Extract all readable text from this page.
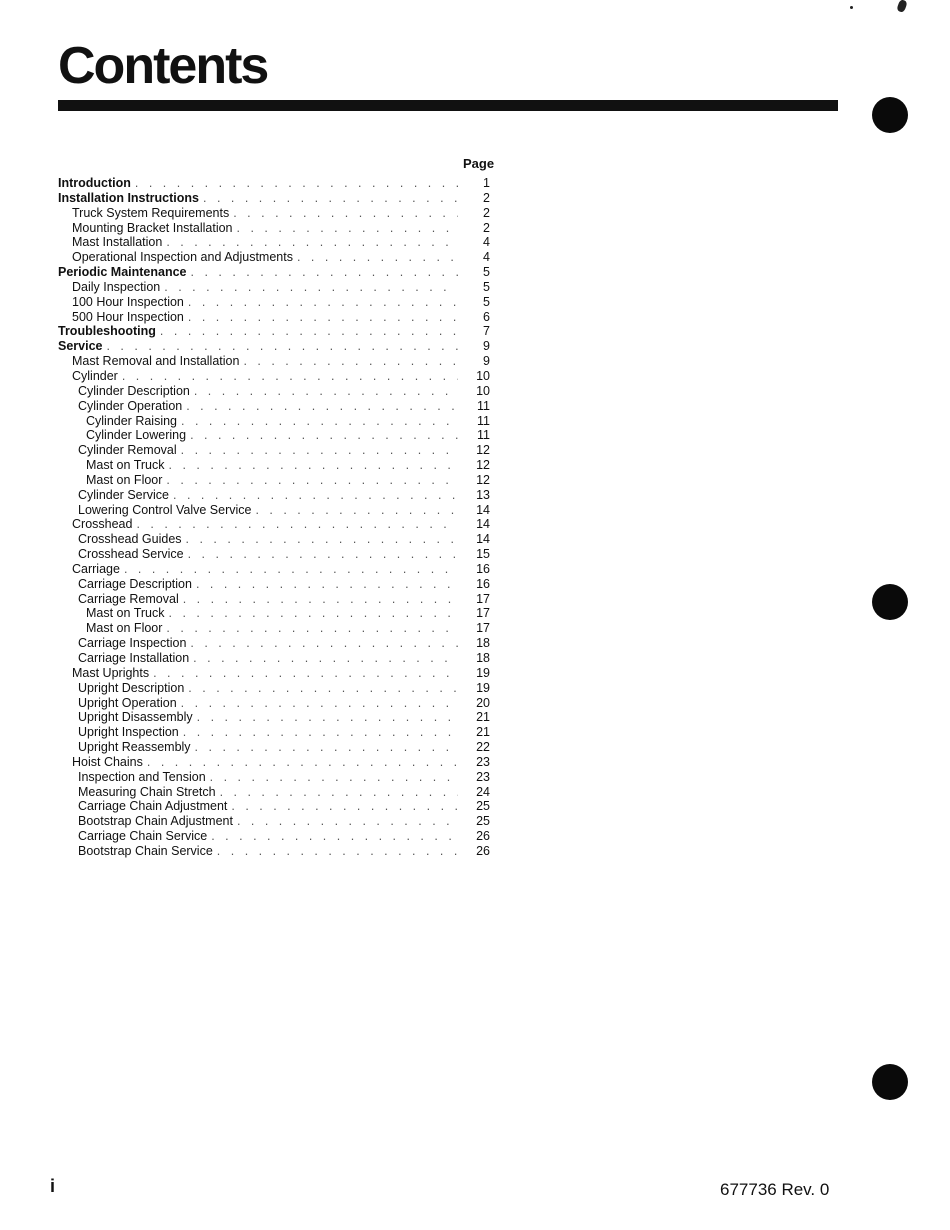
Contents
Page
Introduction . . .	1
Installation Instructions . . .	2
Truck System Requirements . . .	2
Mounting Bracket Installation . . .	2
Mast Installation . . .	4
Operational Inspection and Adjustments . . .	4
Periodic Maintenance . . .	5
Daily Inspection . . .	5
100 Hour Inspection . . .	5
500 Hour Inspection . . .	6
Troubleshooting . . .	7
Service . . .	9
Mast Removal and Installation . . .	9
Cylinder . . .	10
Cylinder Description . . .	10
Cylinder Operation . . .	11
Cylinder Raising . . .	11
Cylinder Lowering . . .	11
Cylinder Removal . . .	12
Mast on Truck . . .	12
Mast on Floor . . .	12
Cylinder Service . . .	13
Lowering Control Valve Service . . .	14
Crosshead . . .	14
Crosshead Guides . . .	14
Crosshead Service . . .	15
Carriage . . .	16
Carriage Description . . .	16
Carriage Removal . . .	17
Mast on Truck . . .	17
Mast on Floor . . .	17
Carriage Inspection . . .	18
Carriage Installation . . .	18
Mast Uprights . . .	19
Upright Description . . .	19
Upright Operation . . .	20
Upright Disassembly . . .	21
Upright Inspection . . .	21
Upright Reassembly . . .	22
Hoist Chains . . .	23
Inspection and Tension . . .	23
Measuring Chain Stretch . . .	24
Carriage Chain Adjustment . . .	25
Bootstrap Chain Adjustment . . .	25
Carriage Chain Service . . .	26
Bootstrap Chain Service . . .	26
i	677736 Rev. 0
